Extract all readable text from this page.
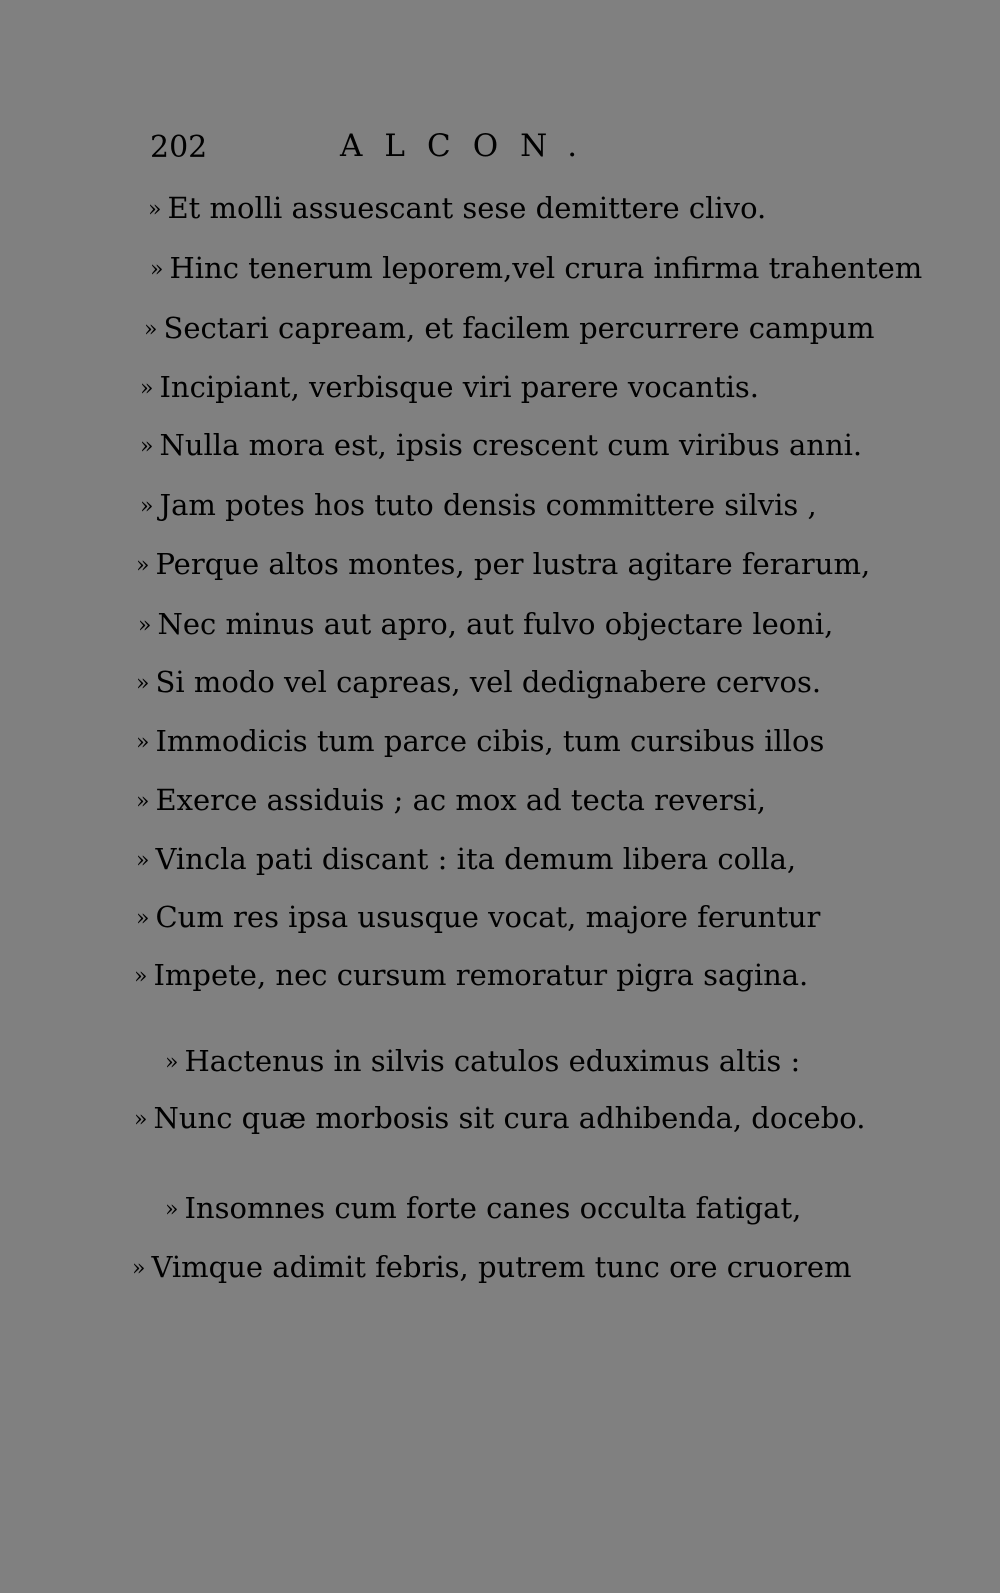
202	ALCON.
» Et molli assuescant sese demittere clivo.
» Hinc tenerum leporem,vel crura infirma trahentem
» Sectari capream, et facilem percurrere campum
» Incipiant, verbisque viri parere vocantis.
» Nulla mora est, ipsis crescent cum viribus anni.
» Jam potes hos tuto densis committere silvis ,
» Perque altos montes, per lustra agitare ferarum,
» Nec minus aut apro, aut fulvo objectare leoni,
» Si modo vel capreas, vel dedignabere cervos.
» Immodicis tum parce cibis, tum cursibus illos
» Exerce assiduis ; ac mox ad tecta reversi,
» Vincla pati discant : ita demum libera colla,
» Cum res ipsa ususque vocat, majore feruntur
» Impete, nec cursum remoratur pigra sagina.
» Hactenus in silvis catulos eduximus altis :
» Nunc quæ morbosis sit cura adhibenda, docebo.
» Insomnes cum forte canes occulta fatigat,
» Vimque adimit febris, putrem tunc ore cruorem
